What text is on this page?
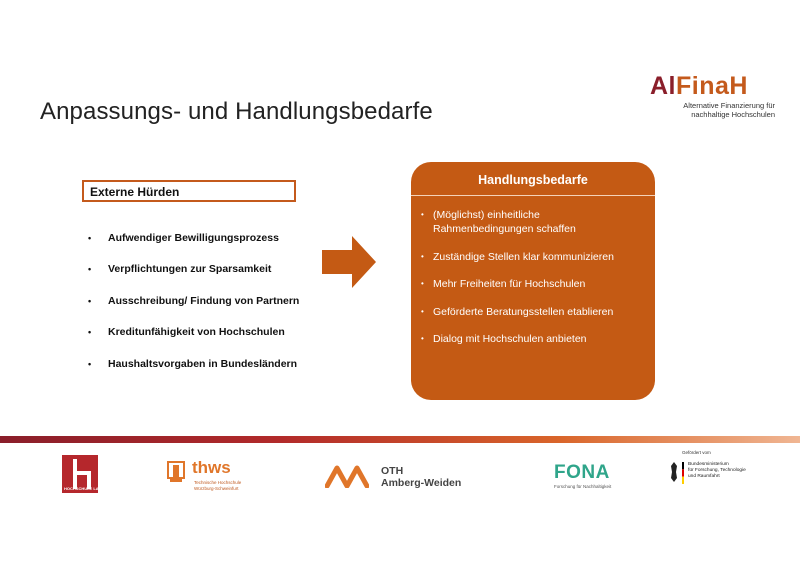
AlFinaH
Alternative Finanzierung für
nachhaltige Hochschulen
Anpassungs- und Handlungsbedarfe
Externe Hürden
•	Aufwendiger Bewilligungsprozess
•	Verpflichtungen zur Sparsamkeit
•	Ausschreibung/ Findung von Partnern
•	Kreditunfähigkeit von Hochschulen
•	Haushaltsvorgaben in Bundesländern
Handlungsbedarfe
• (Möglichst) einheitliche
Rahmenbedingungen schaffen
• Zuständige Stellen klar kommunizieren
• Mehr Freiheiten für Hochschulen
• Geförderte Beratungsstellen etablieren
• Dialog mit Hochschulen anbieten
HOCHSCHULE LANDSHUT
thws
Technische Hochschule
Würzburg-Schweinfurt
OTH
Amberg-Weiden	FONA
Forschung für Nachhaltigkeit
Gefördert vom
Bundesministerium
für Forschung, Technologie
und Raumfahrt
